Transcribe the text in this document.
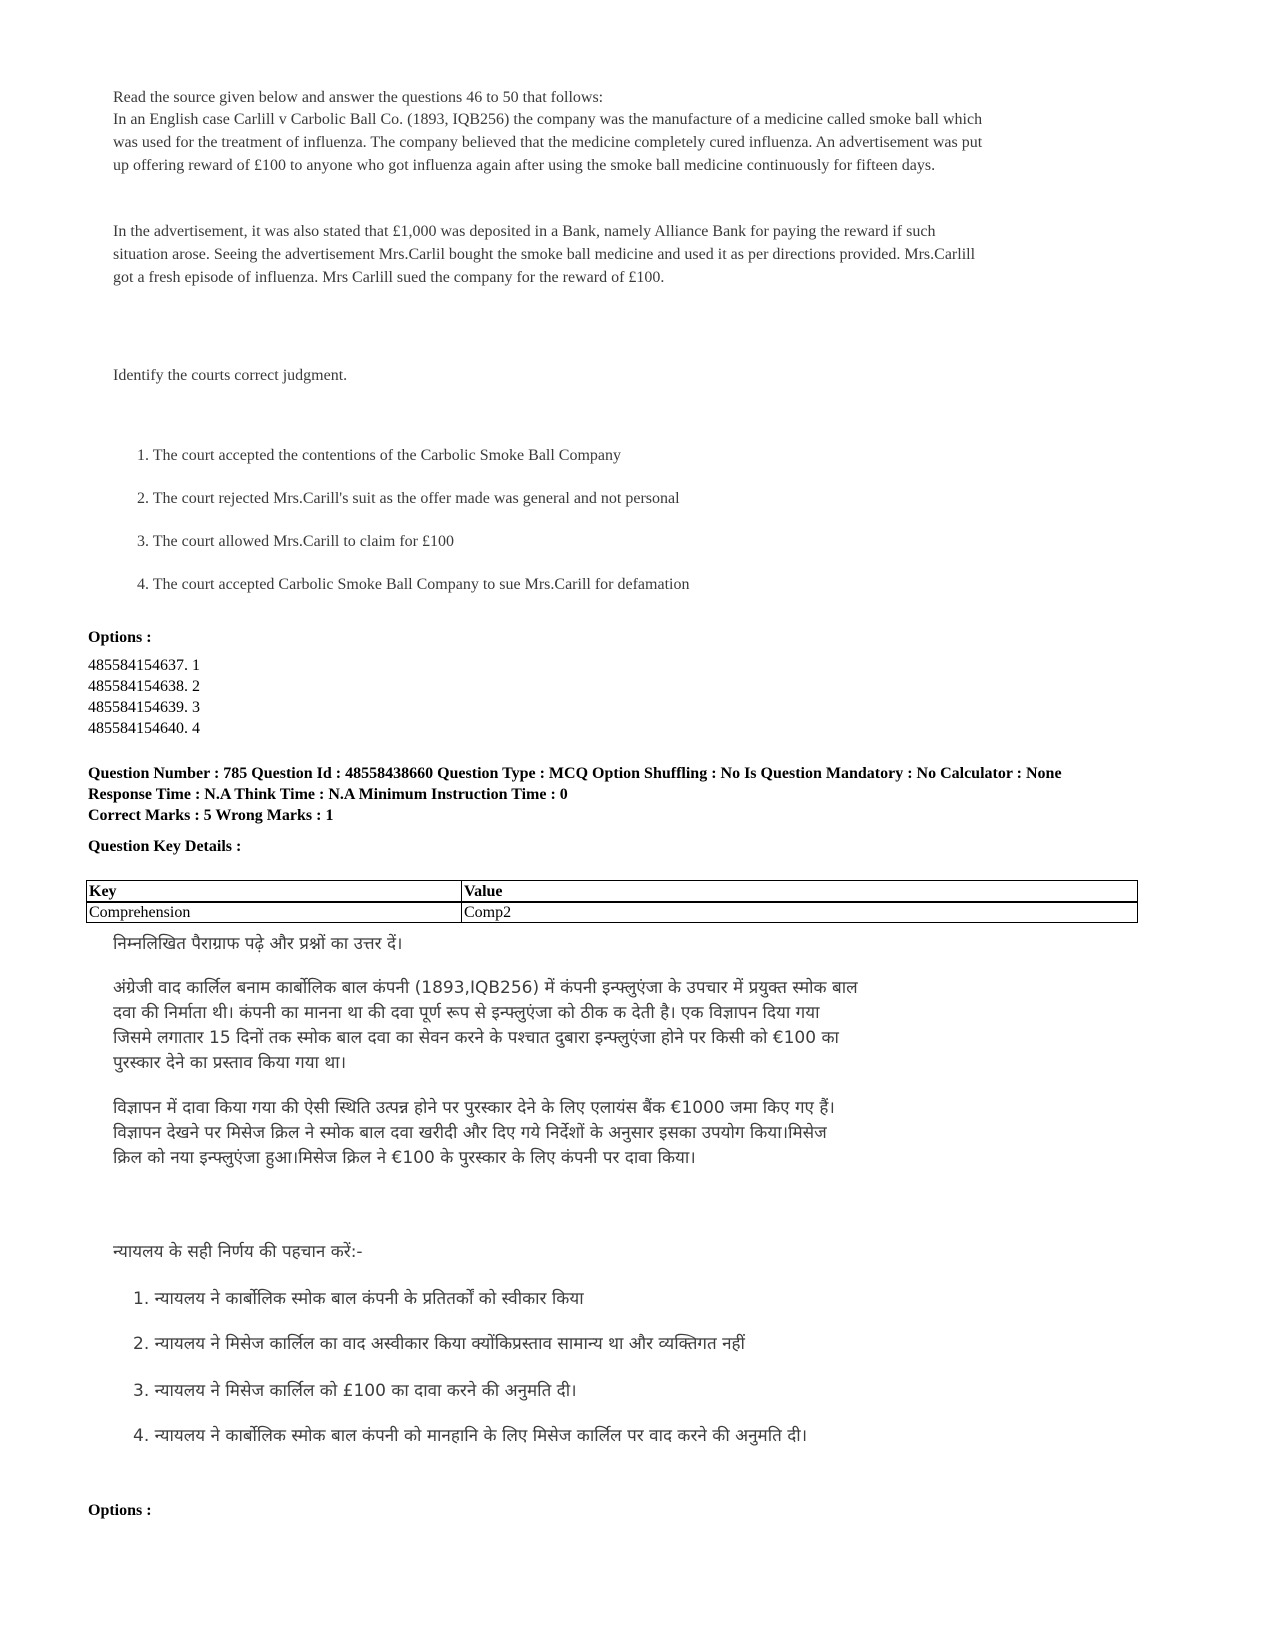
Read the source given below and answer the questions 46 to 50 that follows:

In an English case Carlill v Carbolic Ball Co. (1893, IQB256) the company was the manufacture of a medicine called smoke ball which was used for the treatment of influenza. The company believed that the medicine completely cured influenza. An advertisement was put up offering reward of £100 to anyone who got influenza again after using the smoke ball medicine continuously for fifteen days.

In the advertisement, it was also stated that £1,000 was deposited in a Bank, namely Alliance Bank for paying the reward if such situation arose. Seeing the advertisement Mrs.Carlil bought the smoke ball medicine and used it as per directions provided. Mrs.Carlill got a fresh episode of influenza. Mrs Carlill sued the company for the reward of £100.

Identify the courts correct judgment.

1. The court accepted the contentions of the Carbolic Smoke Ball Company

2. The court rejected Mrs.Carill's suit as the offer made was general and not personal

3. The court allowed Mrs.Carill to claim for £100

4. The court accepted Carbolic Smoke Ball Company to sue Mrs.Carill for defamation

Options :
485584154637. 1
485584154638. 2
485584154639. 3
485584154640. 4
Question Number : 785 Question Id : 48558438660 Question Type : MCQ Option Shuffling : No Is Question Mandatory : No Calculator : None
Response Time : N.A Think Time : N.A Minimum Instruction Time : 0
Correct Marks : 5 Wrong Marks : 1
Question Key Details :
Key	Value
Comprehension	Comp2

निम्नलिखित पैराग्राफ पढ़े और प्रश्नों का उत्तर दें।

अंग्रेजी वाद कार्लिल बनाम कार्बोलिक बाल कंपनी (1893,IQB256) में कंपनी इन्फ्लुएंजा के उपचार में प्रयुक्त स्मोक बाल

दवा की निर्माता थी। कंपनी का मानना था की दवा पूर्ण रूप से इन्फ्लुएंजा को ठीक क देती है। एक विज्ञापन दिया गया

जिसमे लगातार 15 दिनों तक स्मोक बाल दवा का सेवन करने के पश्चात दुबारा इन्फ्लुएंजा होने पर किसी को €100 का

पुरस्कार देने का प्रस्ताव किया गया था।

विज्ञापन में दावा किया गया की ऐसी स्थिति उत्पन्न होने पर पुरस्कार देने के लिए एलायंस बैंक €1000 जमा किए गए हैं।

विज्ञापन देखने पर मिसेज क्रिल ने स्मोक बाल दवा खरीदी और दिए गये निर्देशों के अनुसार इसका उपयोग किया।मिसेज

क्रिल को नया इन्फ्लुएंजा हुआ।मिसेज क्रिल ने €100 के पुरस्कार के लिए कंपनी पर दावा किया।

न्यायलय के सही निर्णय की पहचान करें:-

1. न्यायलय ने कार्बोलिक स्मोक बाल कंपनी के प्रतितर्कों को स्वीकार किया

2. न्यायलय ने मिसेज कार्लिल का वाद अस्वीकार किया क्योंकिप्रस्ताव सामान्य था और व्यक्तिगत नहीं

3. न्यायलय ने मिसेज कार्लिल को £100 का दावा करने की अनुमति दी।

4. न्यायलय ने कार्बोलिक स्मोक बाल कंपनी को मानहानि के लिए मिसेज कार्लिल पर वाद करने की अनुमति दी।

Options :
